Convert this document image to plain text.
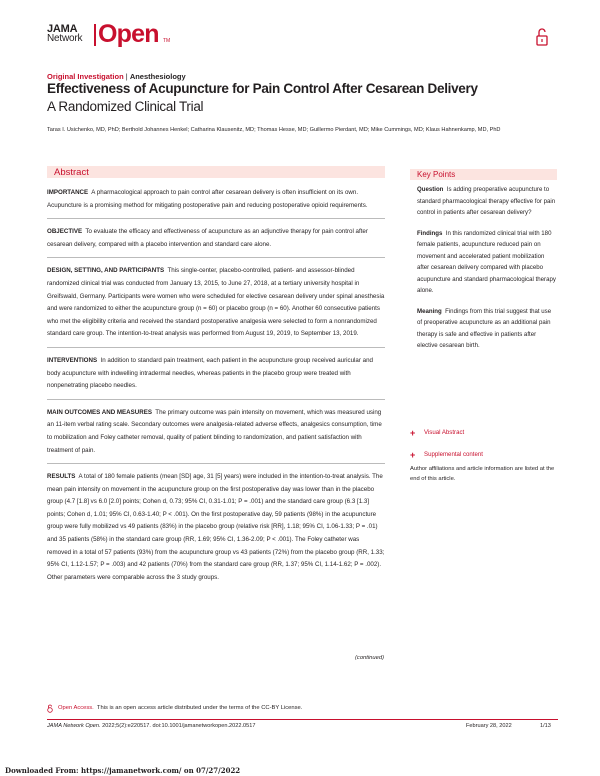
JAMA
Network Open TM
Original Investigation | Anesthesiology
Effectiveness of Acupuncture for Pain Control After Cesarean Delivery
A Randomized Clinical Trial
Taras I. Usichenko, MD, PhD; Berthold Johannes Henkel; Catharina Klausenitz, MD; Thomas Hesse, MD; Guillermo Pierdant, MD; Mike Cummings, MD; Klaus Hahnenkamp, MD, PhD
Abstract

IMPORTANCE A pharmacological approach to pain control after cesarean delivery is often insufficient on its own. Acupuncture is a promising method for mitigating postoperative pain and reducing postoperative opioid requirements.

OBJECTIVE To evaluate the efficacy and effectiveness of acupuncture as an adjunctive therapy for pain control after cesarean delivery, compared with a placebo intervention and standard care alone.

DESIGN, SETTING, AND PARTICIPANTS This single-center, placebo-controlled, patient- and assessor-blinded randomized clinical trial was conducted from January 13, 2015, to June 27, 2018, at a tertiary university hospital in Greifswald, Germany. Participants were women who were scheduled for elective cesarean delivery under spinal anesthesia and were randomized to either the acupuncture group (n = 60) or placebo group (n = 60). Another 60 consecutive patients who met the eligibility criteria and received the standard postoperative analgesia were selected to form a nonrandomized standard care group. The intention-to-treat analysis was performed from August 19, 2019, to September 13, 2019.

INTERVENTIONS In addition to standard pain treatment, each patient in the acupuncture group received auricular and body acupuncture with indwelling intradermal needles, whereas patients in the placebo group were treated with nonpenetrating placebo needles.

MAIN OUTCOMES AND MEASURES The primary outcome was pain intensity on movement, which was measured using an 11-item verbal rating scale. Secondary outcomes were analgesia-related adverse effects, analgesics consumption, time to mobilization and Foley catheter removal, quality of patient blinding to randomization, and patient satisfaction with treatment of pain.

RESULTS A total of 180 female patients (mean [SD] age, 31 [5] years) were included in the intention-to-treat analysis. The mean pain intensity on movement in the acupuncture group on the first postoperative day was lower than in the placebo group (4.7 [1.8] vs 6.0 [2.0] points; Cohen d, 0.73; 95% CI, 0.31-1.01; P = .001) and the standard care group (6.3 [1.3] points; Cohen d, 1.01; 95% CI, 0.63-1.40; P < .001). On the first postoperative day, 59 patients (98%) in the acupuncture group were fully mobilized vs 49 patients (83%) in the placebo group (relative risk [RR], 1.18; 95% CI, 1.06-1.33; P = .01) and 35 patients (58%) in the standard care group (RR, 1.69; 95% CI, 1.36-2.09; P < .001). The Foley catheter was removed in a total of 57 patients (93%) from the acupuncture group vs 43 patients (72%) from the placebo group (RR, 1.33; 95% CI, 1.12-1.57; P = .003) and 42 patients (70%) from the standard care group (RR, 1.37; 95% CI, 1.14-1.62; P = .002). Other parameters were comparable across the 3 study groups.

(continued)
Key Points

Question Is adding preoperative acupuncture to standard pharmacological therapy effective for pain control in patients after cesarean delivery?

Findings In this randomized clinical trial with 180 female patients, acupuncture reduced pain on movement and accelerated patient mobilization after cesarean delivery compared with placebo acupuncture and standard pharmacological therapy alone.

Meaning Findings from this trial suggest that use of preoperative acupuncture as an additional pain therapy is safe and effective in patients after elective cesarean birth.

+	Visual Abstract
+	Supplemental content
Author affiliations and article information are listed at the end of this article.
Open Access. This is an open access article distributed under the terms of the CC-BY License.
JAMA Network Open. 2022;5(2):e220517. doi:10.1001/jamanetworkopen.2022.0517	February 28, 2022	1/13
Downloaded From: https://jamanetwork.com/ on 07/27/2022
